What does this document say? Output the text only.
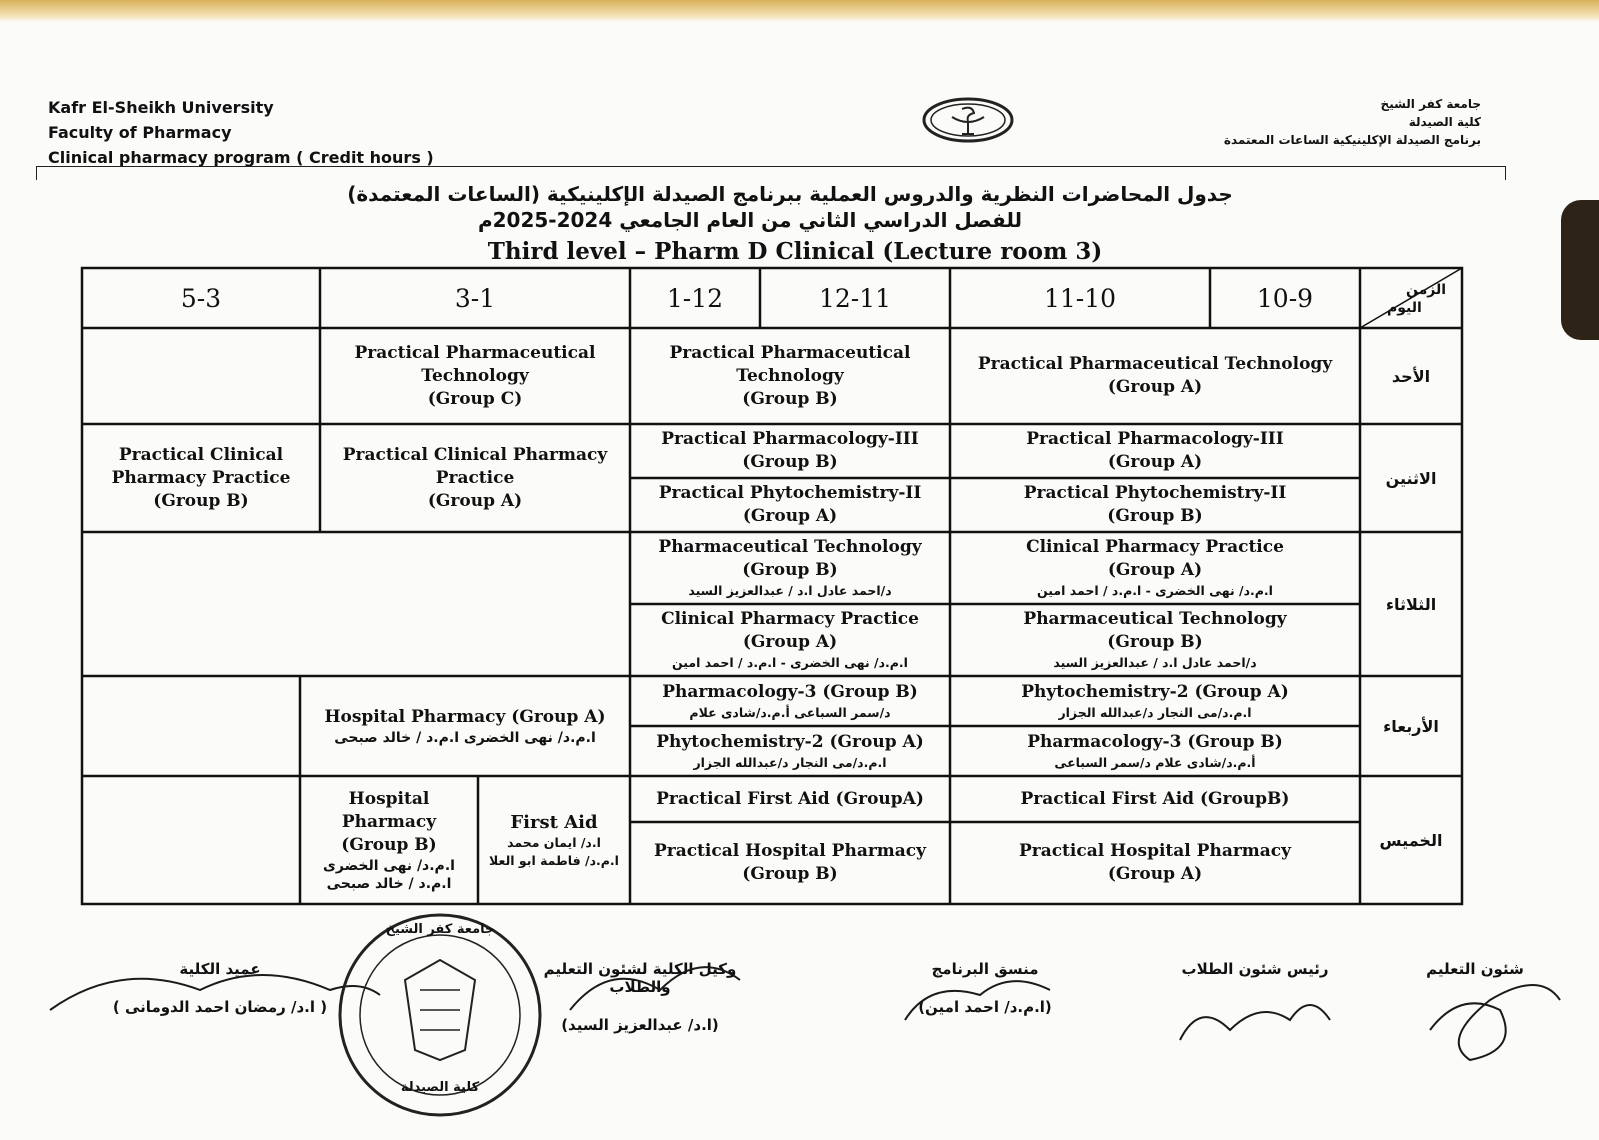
Kafr El-Sheikh University
Faculty of Pharmacy
Clinical pharmacy program ( Credit hours )
جامعة كفر الشيخ
كلية الصيدلة
برنامج الصيدلة الإكلينيكية الساعات المعتمدة
جدول المحاضرات النظرية والدروس العملية ببرنامج الصيدلة الإكلينيكية (الساعات المعتمدة)
للفصل الدراسي الثاني من العام الجامعي 2024-2025م
Third level – Pharm D Clinical (Lecture room 3)
الزمن
اليوم
10-9
11-10
12-11
1-12
3-1
5-3
الأحد
الاثنين
الثلاثاء
الأربعاء
الخميس
Practical Pharmaceutical Technology
(Group A)
Practical Pharmaceutical
Technology
(Group B)
Practical Pharmaceutical
Technology
(Group C)
Practical Pharmacology-III
(Group A)
Practical Phytochemistry-II
(Group B)
Practical Pharmacology-III
(Group B)
Practical Phytochemistry-II
(Group A)
Practical Clinical Pharmacy
Practice
(Group A)
Practical Clinical
Pharmacy Practice
(Group B)
Clinical Pharmacy Practice
(Group A)
ا.م.د/ نهى الخضرى - ا.م.د / احمد امين
Pharmaceutical Technology
(Group B)
د/احمد عادل ا.د / عبدالعزيز السيد
Pharmaceutical Technology
(Group B)
د/احمد عادل ا.د / عبدالعزيز السيد
Clinical Pharmacy Practice
(Group A)
ا.م.د/ نهى الخضرى - ا.م.د / احمد امين
Phytochemistry-2 (Group A)
ا.م.د/مى النجار د/عبدالله الجزار
Pharmacology-3 (Group B)
أ.م.د/شادى علام د/سمر السباعى
Pharmacology-3 (Group B)
د/سمر السباعى أ.م.د/شادى علام
Phytochemistry-2 (Group A)
ا.م.د/مى النجار د/عبدالله الجزار
Hospital Pharmacy (Group A)
ا.م.د/ نهى الخضرى ا.م.د / خالد صبحى
Practical First Aid (GroupB)
Practical Hospital Pharmacy
(Group A)
Practical First Aid (GroupA)
Practical Hospital Pharmacy
(Group B)
First Aid
ا.د/ ايمان محمد
ا.م.د/ فاطمة ابو العلا
Hospital
Pharmacy
(Group B)
ا.م.د/ نهى الخضرى
ا.م.د / خالد صبحى
شئون التعليم
رئيس شئون الطلاب
منسق البرنامج
(ا.م.د/ احمد امين)
وكيل الكلية لشئون التعليم والطلاب
(ا.د/ عبدالعزيز السيد)
عميد الكلية
( ا.د/ رمضان احمد الدومانى )
جامعة كفر الشيخ
كلية الصيدلة
